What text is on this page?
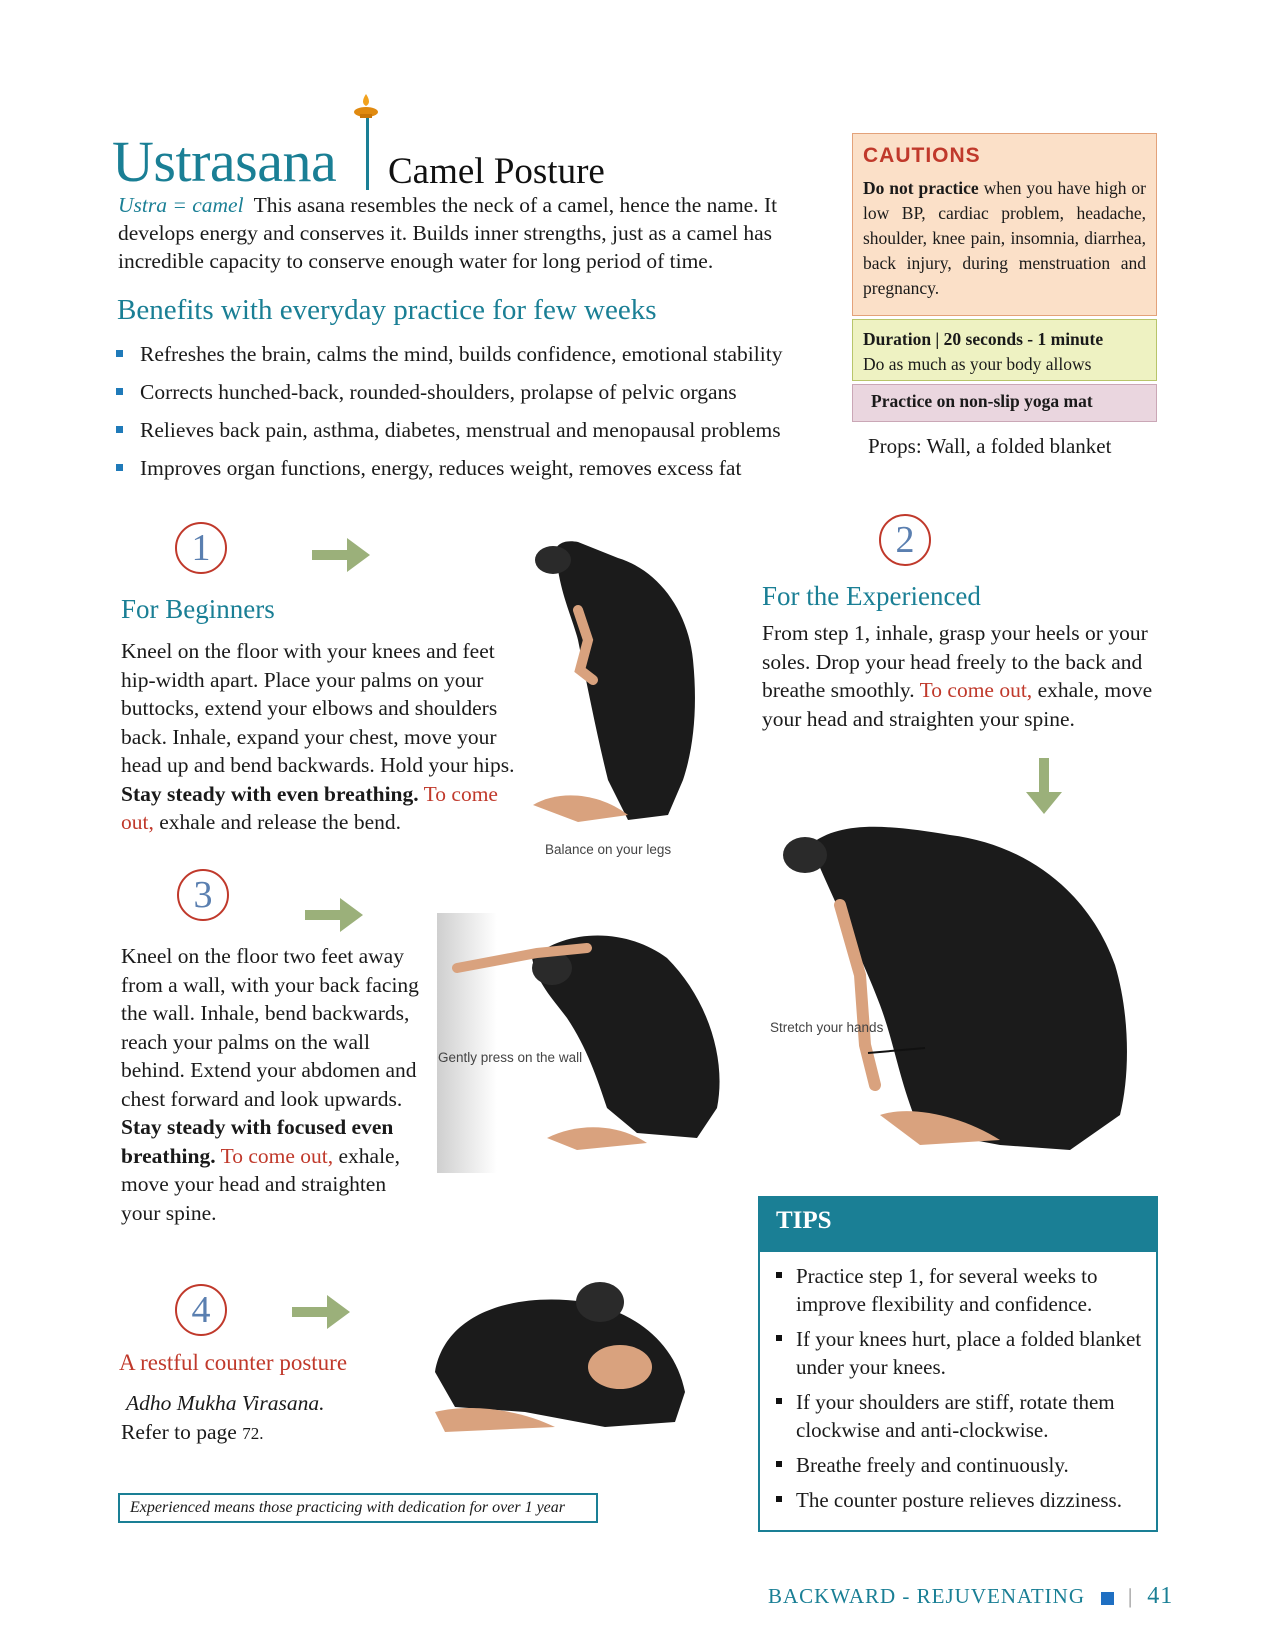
Ustrasana Camel Posture
Ustra = camel This asana resembles the neck of a camel, hence the name. It develops energy and conserves it. Builds inner strengths, just as a camel has incredible capacity to conserve enough water for long period of time.
Benefits with everyday practice for few weeks
Refreshes the brain, calms the mind, builds confidence, emotional stability
Corrects hunched-back, rounded-shoulders, prolapse of pelvic organs
Relieves back pain, asthma, diabetes, menstrual and menopausal problems
Improves organ functions, energy, reduces weight, removes excess fat
CAUTIONS
Do not practice when you have high or low BP, cardiac problem, headache, shoulder, knee pain, insomnia, diarrhea, back injury, during menstruation and pregnancy.
Duration | 20 seconds - 1 minute
Do as much as your body allows
Practice on non-slip yoga mat
Props: Wall, a folded blanket
1
For Beginners
Kneel on the floor with your knees and feet hip-width apart. Place your palms on your buttocks, extend your elbows and shoulders back. Inhale, expand your chest, move your head up and bend backwards. Hold your hips. Stay steady with even breathing. To come out, exhale and release the bend.
Balance on your legs
2
For the Experienced
From step 1, inhale, grasp your heels or your soles. Drop your head freely to the back and breathe smoothly. To come out, exhale, move your head and straighten your spine.
Stretch your hands
3
Kneel on the floor two feet away from a wall, with your back facing the wall. Inhale, bend backwards, reach your palms on the wall behind. Extend your abdomen and chest forward and look upwards. Stay steady with focused even breathing. To come out, exhale, move your head and straighten your spine.
Gently press on the wall
4
A restful counter posture
Adho Mukha Virasana.
Refer to page 72.
TIPS
Practice step 1, for several weeks to improve flexibility and confidence.
If your knees hurt, place a folded blanket under your knees.
If your shoulders are stiff, rotate them clockwise and anti-clockwise.
Breathe freely and continuously.
The counter posture relieves dizziness.
Experienced means those practicing with dedication for over 1 year
BACKWARD - REJUVENATING | 41
